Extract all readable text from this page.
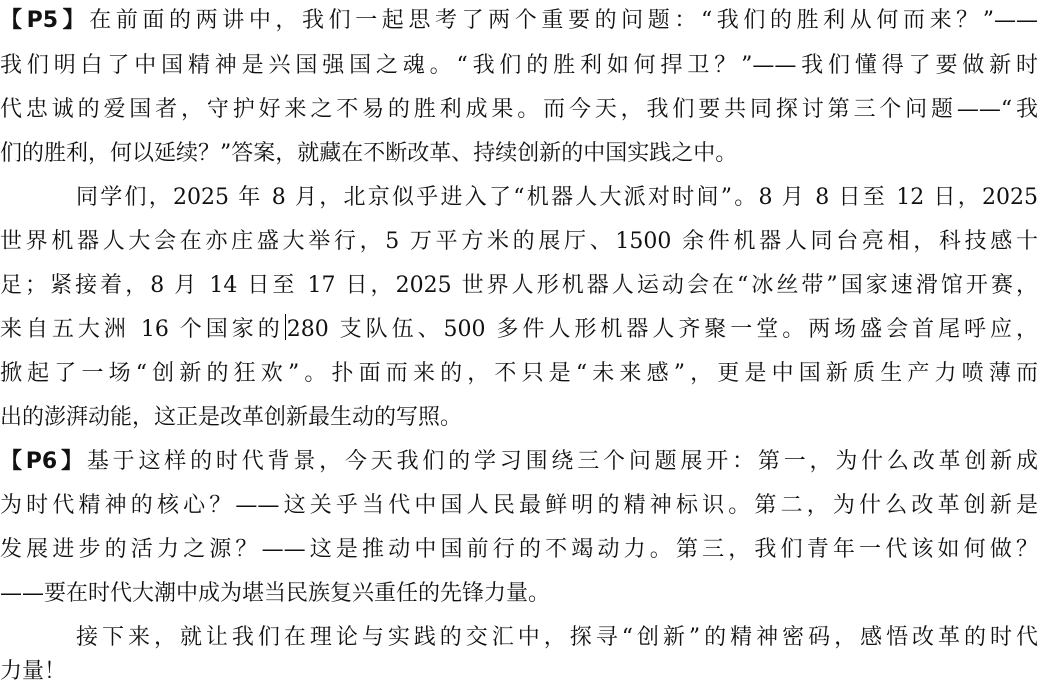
【P5】在前面的两讲中，我们一起思考了两个重要的问题：“我们的胜利从何而来？”——
我们明白了中国精神是兴国强国之魂。“我们的胜利如何捍卫？”——我们懂得了要做新时
代忠诚的爱国者，守护好来之不易的胜利成果。而今天，我们要共同探讨第三个问题——“我
们的胜利，何以延续？”答案，就藏在不断改革、持续创新的中国实践之中。
同学们，2025 年 8 月，北京似乎进入了“机器人大派对时间”。8 月 8 日至 12 日，2025
世界机器人大会在亦庄盛大举行，5 万平方米的展厅、1500 余件机器人同台亮相，科技感十
足；紧接着，8 月 14 日至 17 日，2025 世界人形机器人运动会在“冰丝带”国家速滑馆开赛，
来自五大洲 16 个国家的 280 支队伍、500 多件人形机器人齐聚一堂。两场盛会首尾呼应，
掀起了一场“创新的狂欢”。扑面而来的，不只是“未来感”，更是中国新质生产力喷薄而
出的澎湃动能，这正是改革创新最生动的写照。
【P6】基于这样的时代背景，今天我们的学习围绕三个问题展开：第一，为什么改革创新成
为时代精神的核心？——这关乎当代中国人民最鲜明的精神标识。第二，为什么改革创新是
发展进步的活力之源？——这是推动中国前行的不竭动力。第三，我们青年一代该如何做？
——要在时代大潮中成为堪当民族复兴重任的先锋力量。
接下来，就让我们在理论与实践的交汇中，探寻“创新”的精神密码，感悟改革的时代
力量！
